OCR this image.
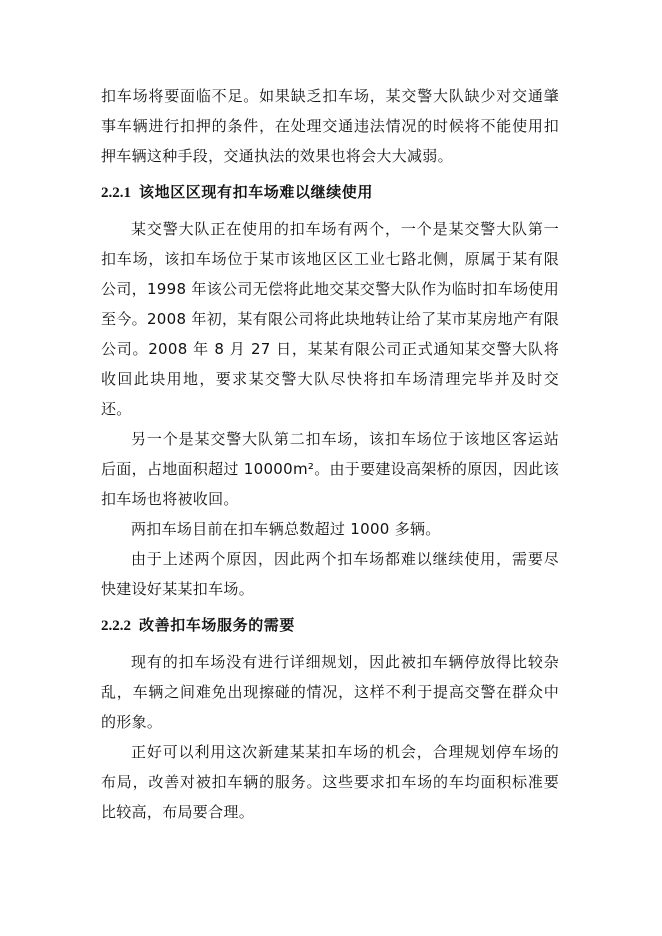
扣车场将要面临不足。如果缺乏扣车场，某交警大队缺少对交通肇事车辆进行扣押的条件，在处理交通违法情况的时候将不能使用扣押车辆这种手段，交通执法的效果也将会大大减弱。

2.2.1 该地区区现有扣车场难以继续使用

某交警大队正在使用的扣车场有两个，一个是某交警大队第一扣车场，该扣车场位于某市该地区区工业七路北侧，原属于某有限公司，1998 年该公司无偿将此地交某交警大队作为临时扣车场使用至今。2008 年初，某有限公司将此块地转让给了某市某房地产有限公司。2008 年 8 月 27 日，某某有限公司正式通知某交警大队将收回此块用地，要求某交警大队尽快将扣车场清理完毕并及时交还。

另一个是某交警大队第二扣车场，该扣车场位于该地区客运站后面，占地面积超过 10000m²。由于要建设高架桥的原因，因此该扣车场也将被收回。

两扣车场目前在扣车辆总数超过 1000 多辆。

由于上述两个原因，因此两个扣车场都难以继续使用，需要尽快建设好某某扣车场。

2.2.2 改善扣车场服务的需要

现有的扣车场没有进行详细规划，因此被扣车辆停放得比较杂乱，车辆之间难免出现擦碰的情况，这样不利于提高交警在群众中的形象。

正好可以利用这次新建某某扣车场的机会，合理规划停车场的布局，改善对被扣车辆的服务。这些要求扣车场的车均面积标准要比较高，布局要合理。
